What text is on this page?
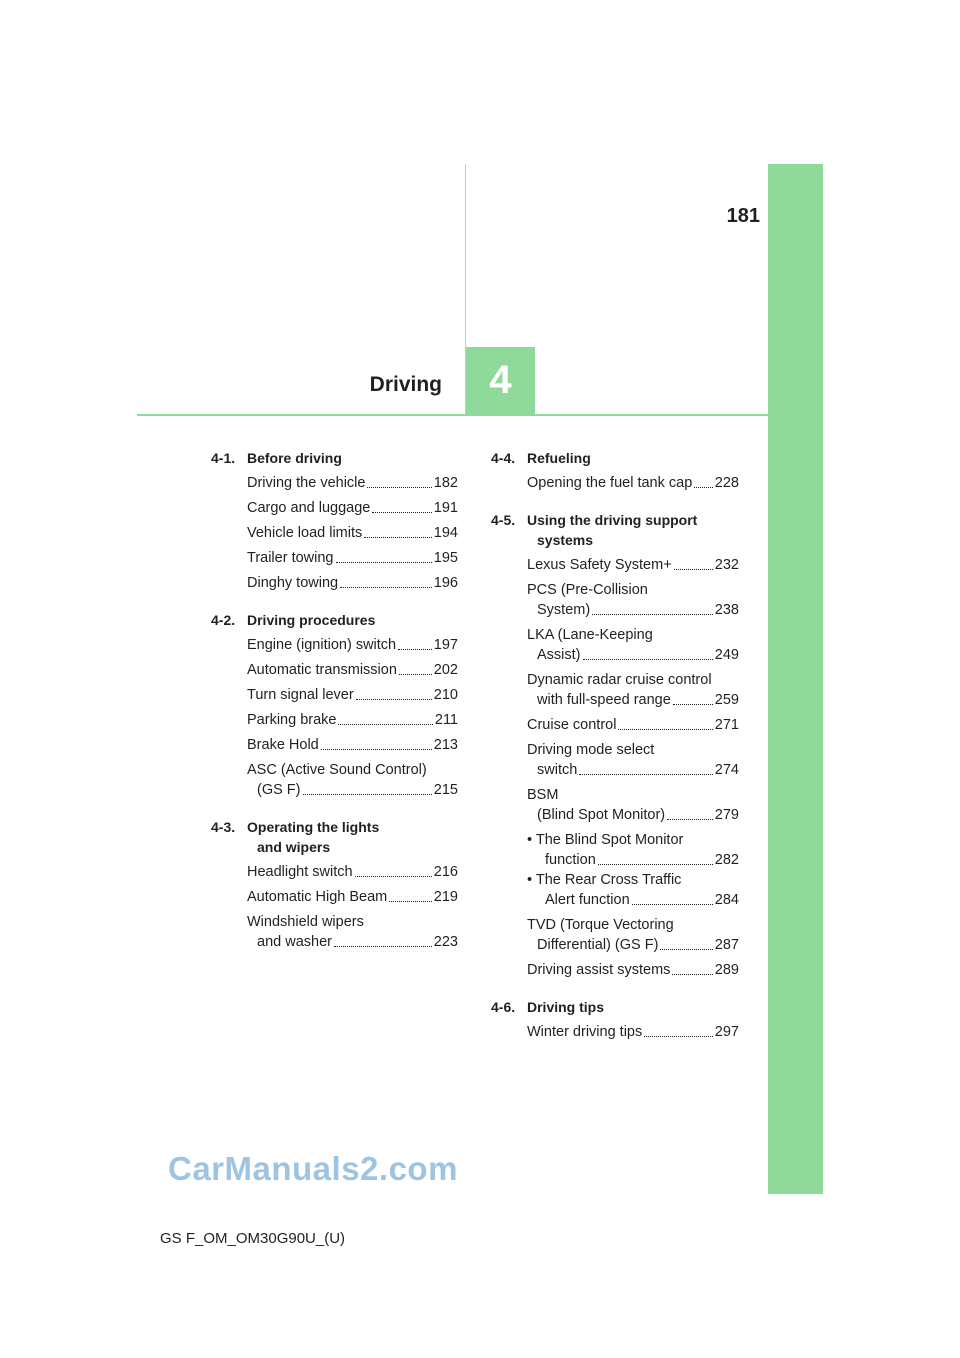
181
Driving 4
4-1. Before driving
Driving the vehicle	182
Cargo and luggage	191
Vehicle load limits	194
Trailer towing	195
Dinghy towing	196
4-2. Driving procedures
Engine (ignition) switch	197
Automatic transmission	202
Turn signal lever	210
Parking brake	211
Brake Hold	213
ASC (Active Sound Control)
(GS F)	215
4-3. Operating the lights
and wipers
Headlight switch	216
Automatic High Beam	219
Windshield wipers
and washer	223
4-4. Refueling
Opening the fuel tank cap 228
4-5. Using the driving support
systems
Lexus Safety System+	232
PCS (Pre-Collision
System)	238
LKA (Lane-Keeping
Assist)	249
Dynamic radar cruise control
with full-speed range	259
Cruise control	271
Driving mode select
switch	274
BSM
(Blind Spot Monitor)	279
• The Blind Spot Monitor
function	282
• The Rear Cross Traffic
Alert function	284
TVD (Torque Vectoring
Differential) (GS F)	287
Driving assist systems	289
4-6. Driving tips
Winter driving tips	297
CarManuals2.com
GS F_OM_OM30G90U_(U)
